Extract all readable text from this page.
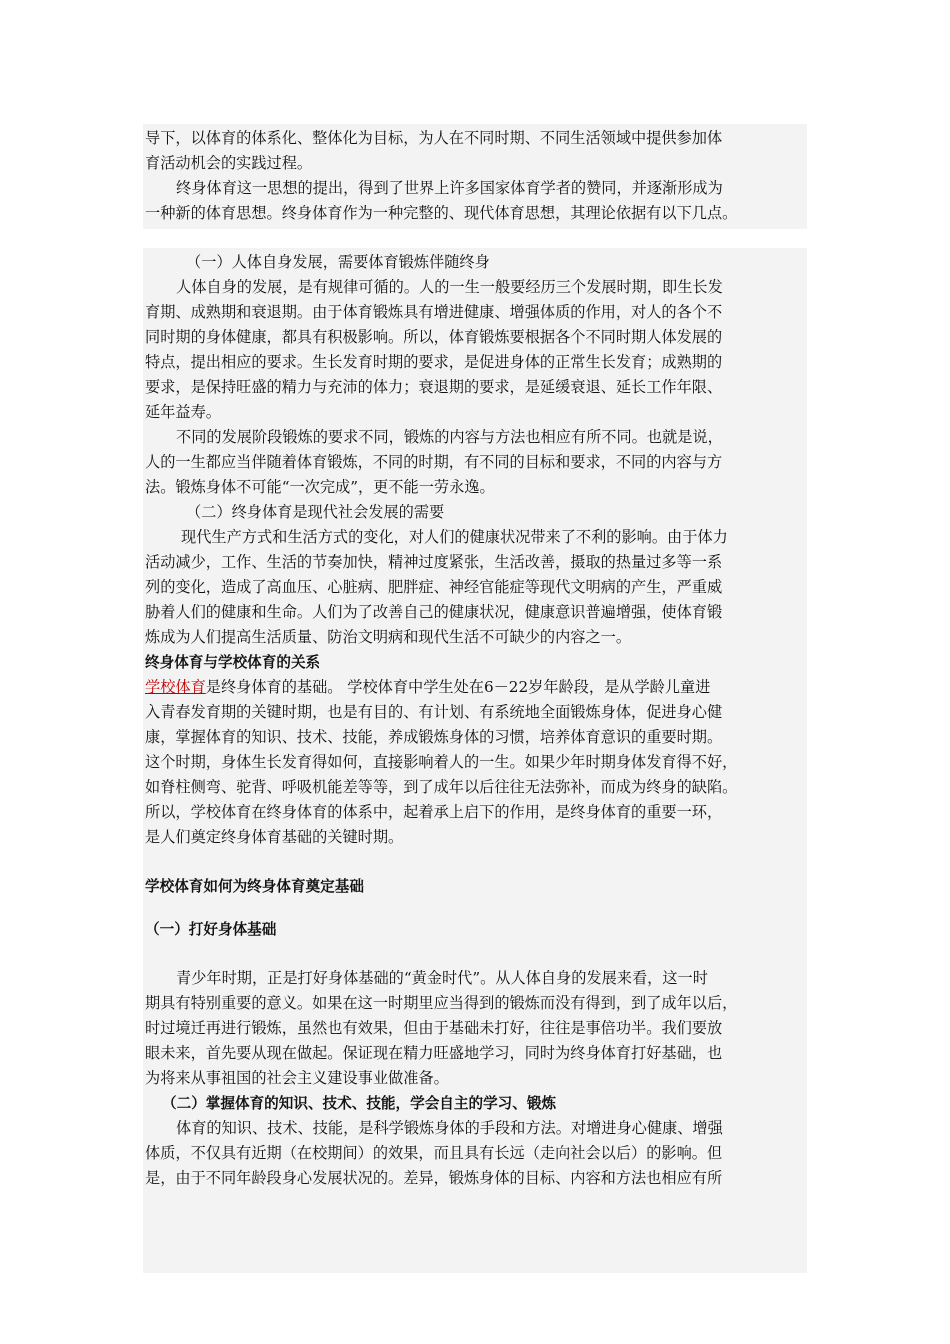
导下，以体育的体系化、整体化为目标，为人在不同时期、不同生活领域中提供参加体
育活动机会的实践过程。
终身体育这一思想的提出，得到了世界上许多国家体育学者的赞同，并逐渐形成为
一种新的体育思想。终身体育作为一种完整的、现代体育思想，其理论依据有以下几点。
（一）人体自身发展，需要体育锻炼伴随终身
人体自身的发展，是有规律可循的。人的一生一般要经历三个发展时期，即生长发
育期、成熟期和衰退期。由于体育锻炼具有增进健康、增强体质的作用，对人的各个不
同时期的身体健康，都具有积极影响。所以，体育锻炼要根据各个不同时期人体发展的
特点，提出相应的要求。生长发育时期的要求，是促进身体的正常生长发育；成熟期的
要求，是保持旺盛的精力与充沛的体力；衰退期的要求，是延缓衰退、延长工作年限、
延年益寿。
不同的发展阶段锻炼的要求不同，锻炼的内容与方法也相应有所不同。也就是说，
人的一生都应当伴随着体育锻炼，不同的时期，有不同的目标和要求，不同的内容与方
法。锻炼身体不可能“一次完成”，更不能一劳永逸。
（二）终身体育是现代社会发展的需要
现代生产方式和生活方式的变化，对人们的健康状况带来了不利的影响。由于体力
活动减少，工作、生活的节奏加快，精神过度紧张，生活改善，摄取的热量过多等一系
列的变化，造成了高血压、心脏病、肥胖症、神经官能症等现代文明病的产生，严重威
胁着人们的健康和生命。人们为了改善自己的健康状况，健康意识普遍增强，使体育锻
炼成为人们提高生活质量、防治文明病和现代生活不可缺少的内容之一。
终身体育与学校体育的关系
学校体育是终身体育的基础。 学校体育中学生处在6－22岁年龄段，是从学龄儿童进
入青春发育期的关键时期，也是有目的、有计划、有系统地全面锻炼身体，促进身心健
康，掌握体育的知识、技术、技能，养成锻炼身体的习惯，培养体育意识的重要时期。
这个时期，身体生长发育得如何，直接影响着人的一生。如果少年时期身体发育得不好，
如脊柱侧弯、驼背、呼吸机能差等等，到了成年以后往往无法弥补，而成为终身的缺陷。
所以，学校体育在终身体育的体系中，起着承上启下的作用，是终身体育的重要一环，
是人们奠定终身体育基础的关键时期。
学校体育如何为终身体育奠定基础
（一）打好身体基础
青少年时期，正是打好身体基础的“黄金时代”。从人体自身的发展来看，这一时
期具有特别重要的意义。如果在这一时期里应当得到的锻炼而没有得到，到了成年以后，
时过境迁再进行锻炼，虽然也有效果，但由于基础未打好，往往是事倍功半。我们要放
眼未来，首先要从现在做起。保证现在精力旺盛地学习，同时为终身体育打好基础，也
为将来从事祖国的社会主义建设事业做准备。
（二）掌握体育的知识、技术、技能，学会自主的学习、锻炼
体育的知识、技术、技能，是科学锻炼身体的手段和方法。对增进身心健康、增强
体质，不仅具有近期（在校期间）的效果，而且具有长远（走向社会以后）的影响。但
是，由于不同年龄段身心发展状况的。差异，锻炼身体的目标、内容和方法也相应有所
